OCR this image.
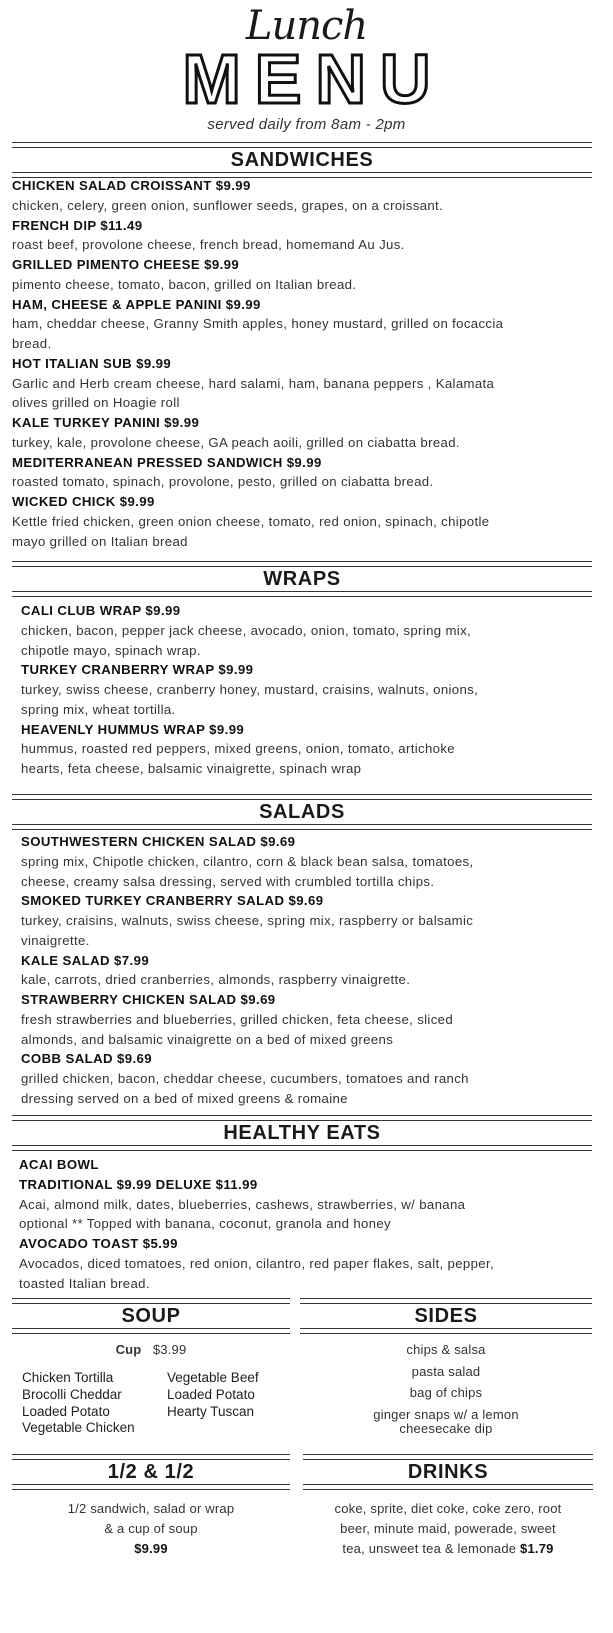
Lunch
MENU
served daily from 8am - 2pm
SANDWICHES
CHICKEN SALAD CROISSANT $9.99
chicken, celery, green onion, sunflower seeds, grapes, on a croissant.
FRENCH DIP $11.49
roast beef, provolone cheese, french bread, homemand Au Jus.
GRILLED PIMENTO CHEESE $9.99
pimento cheese, tomato, bacon, grilled on Italian bread.
HAM, CHEESE & APPLE PANINI $9.99
ham, cheddar cheese, Granny Smith apples, honey mustard, grilled on focaccia
bread.
HOT ITALIAN SUB $9.99
Garlic and Herb cream cheese, hard salami, ham, banana peppers , Kalamata
olives grilled on Hoagie roll
KALE TURKEY PANINI $9.99
turkey, kale, provolone cheese, GA peach aoili, grilled on ciabatta bread.
MEDITERRANEAN PRESSED SANDWICH $9.99
roasted tomato, spinach, provolone, pesto, grilled on ciabatta bread.
WICKED CHICK $9.99
Kettle fried chicken, green onion cheese, tomato, red onion, spinach, chipotle
mayo grilled on Italian bread
WRAPS
CALI CLUB WRAP $9.99
chicken, bacon, pepper jack cheese, avocado, onion, tomato, spring mix,
chipotle mayo, spinach wrap.
TURKEY CRANBERRY WRAP $9.99
turkey, swiss cheese, cranberry honey, mustard, craisins, walnuts, onions,
spring mix, wheat tortilla.
HEAVENLY HUMMUS WRAP $9.99
hummus, roasted red peppers, mixed greens, onion, tomato, artichoke
hearts, feta cheese, balsamic vinaigrette, spinach wrap
SALADS
SOUTHWESTERN CHICKEN SALAD $9.69
spring mix, Chipotle chicken, cilantro, corn & black bean salsa, tomatoes,
cheese, creamy salsa dressing, served with crumbled tortilla chips.
SMOKED TURKEY CRANBERRY SALAD $9.69
turkey, craisins, walnuts, swiss cheese, spring mix, raspberry or balsamic
vinaigrette.
KALE SALAD $7.99
kale, carrots, dried cranberries, almonds, raspberry vinaigrette.
STRAWBERRY CHICKEN SALAD $9.69
fresh strawberries and blueberries, grilled chicken, feta cheese, sliced
almonds, and balsamic vinaigrette on a bed of mixed greens
COBB SALAD $9.69
grilled chicken, bacon, cheddar cheese, cucumbers, tomatoes and ranch
dressing served on a bed of mixed greens & romaine
HEALTHY EATS
ACAI BOWL
TRADITIONAL $9.99 DELUXE $11.99
Acai, almond milk, dates, blueberries, cashews, strawberries, w/ banana
optional ** Topped with banana, coconut, granola and honey
AVOCADO TOAST $5.99
Avocados, diced tomatoes, red onion, cilantro, red paper flakes, salt, pepper,
toasted Italian bread.
SOUP
Cup $3.99
Chicken Tortilla
Brocolli Cheddar
Loaded Potato
Vegetable Chicken
Vegetable Beef
Loaded Potato
Hearty Tuscan
SIDES
chips & salsa
pasta salad
bag of chips
ginger snaps w/ a lemon cheesecake dip
1/2 & 1/2
1/2 sandwich, salad or wrap
& a cup of soup
$9.99
DRINKS
coke, sprite, diet coke, coke zero, root
beer, minute maid, powerade, sweet
tea, unsweet tea & lemonade $1.79
